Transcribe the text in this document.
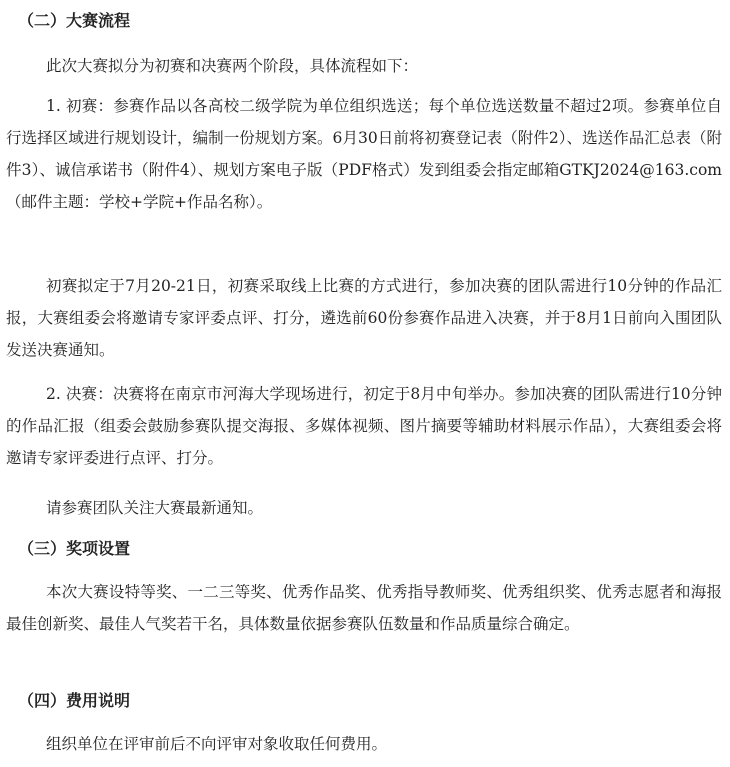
（二）大赛流程

此次大赛拟分为初赛和决赛两个阶段，具体流程如下：

1. 初赛：参赛作品以各高校二级学院为单位组织选送；每个单位选送数量不超过2项。参赛单位自行选择区域进行规划设计，编制一份规划方案。6月30日前将初赛登记表（附件2）、选送作品汇总表（附件3）、诚信承诺书（附件4）、规划方案电子版（PDF格式）发到组委会指定邮箱GTKJ2024@163.com（邮件主题：学校+学院+作品名称）。

初赛拟定于7月20-21日，初赛采取线上比赛的方式进行，参加决赛的团队需进行10分钟的作品汇报，大赛组委会将邀请专家评委点评、打分，遴选前60份参赛作品进入决赛，并于8月1日前向入围团队发送决赛通知。

2. 决赛：决赛将在南京市河海大学现场进行，初定于8月中旬举办。参加决赛的团队需进行10分钟的作品汇报（组委会鼓励参赛队提交海报、多媒体视频、图片摘要等辅助材料展示作品），大赛组委会将邀请专家评委进行点评、打分。

请参赛团队关注大赛最新通知。

（三）奖项设置

本次大赛设特等奖、一二三等奖、优秀作品奖、优秀指导教师奖、优秀组织奖、优秀志愿者和海报最佳创新奖、最佳人气奖若干名，具体数量依据参赛队伍数量和作品质量综合确定。

（四）费用说明

组织单位在评审前后不向评审对象收取任何费用。
